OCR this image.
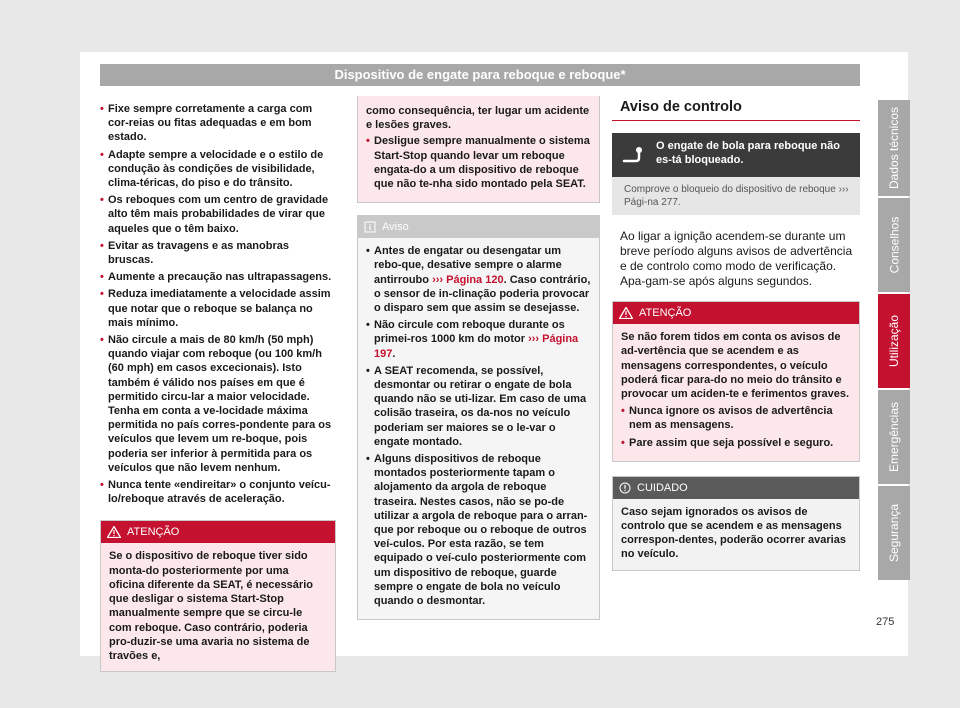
Dispositivo de engate para reboque e reboque*
• Fixe sempre corretamente a carga com cor-reias ou fitas adequadas e em bom estado.
• Adapte sempre a velocidade e o estilo de condução às condições de visibilidade, clima-téricas, do piso e do trânsito.
• Os reboques com um centro de gravidade alto têm mais probabilidades de virar que aqueles que o têm baixo.
• Evitar as travagens e as manobras bruscas.
• Aumente a precaução nas ultrapassagens.
• Reduza imediatamente a velocidade assim que notar que o reboque se balança no mais mínimo.
• Não circule a mais de 80 km/h (50 mph) quando viajar com reboque (ou 100 km/h (60 mph) em casos excecionais). Isto também é válido nos países em que é permitido circu-lar a maior velocidade. Tenha em conta a ve-locidade máxima permitida no país corres-pondente para os veículos que levem um re-boque, pois poderia ser inferior à permitida para os veículos que não levem nenhum.
• Nunca tente «endireitar» o conjunto veícu-lo/reboque através de aceleração.
ATENÇÃO
Se o dispositivo de reboque tiver sido monta-do posteriormente por uma oficina diferente da SEAT, é necessário que desligar o sistema Start-Stop manualmente sempre que se circu-le com reboque. Caso contrário, poderia pro-duzir-se uma avaria no sistema de travões e,
como consequência, ter lugar um acidente e lesões graves.
• Desligue sempre manualmente o sistema Start-Stop quando levar um reboque engata-do a um dispositivo de reboque que não te-nha sido montado pela SEAT.
Aviso
• Antes de engatar ou desengatar um rebo-que, desative sempre o alarme antirroubo ››› Página 120. Caso contrário, o sensor de in-clinação poderia provocar o disparo sem que assim se desejasse.
• Não circule com reboque durante os primei-ros 1000 km do motor ››› Página 197.
• A SEAT recomenda, se possível, desmontar ou retirar o engate de bola quando não se uti-lizar. Em caso de uma colisão traseira, os da-nos no veículo poderiam ser maiores se o le-var o engate montado.
• Alguns dispositivos de reboque montados posteriormente tapam o alojamento da argola de reboque traseira. Nestes casos, não se po-de utilizar a argola de reboque para o arran-que por reboque ou o reboque de outros veí-culos. Por esta razão, se tem equipado o veí-culo posteriormente com um dispositivo de reboque, guarde sempre o engate de bola no veículo quando o desmontar.
Aviso de controlo
O engate de bola para reboque não es-tá bloqueado.
Comprove o bloqueio do dispositivo de reboque ››› Pági-na 277.
Ao ligar a ignição acendem-se durante um breve período alguns avisos de advertência e de controlo como modo de verificação. Apa-gam-se após alguns segundos.
ATENÇÃO
Se não forem tidos em conta os avisos de ad-vertência que se acendem e as mensagens correspondentes, o veículo poderá ficar para-do no meio do trânsito e provocar um aciden-te e ferimentos graves.
• Nunca ignore os avisos de advertência nem as mensagens.
• Pare assim que seja possível e seguro.
CUIDADO
Caso sejam ignorados os avisos de controlo que se acendem e as mensagens correspon-dentes, poderão ocorrer avarias no veículo.
Dados técnicos
Conselhos
Utilização
Emergências
Segurança
275
